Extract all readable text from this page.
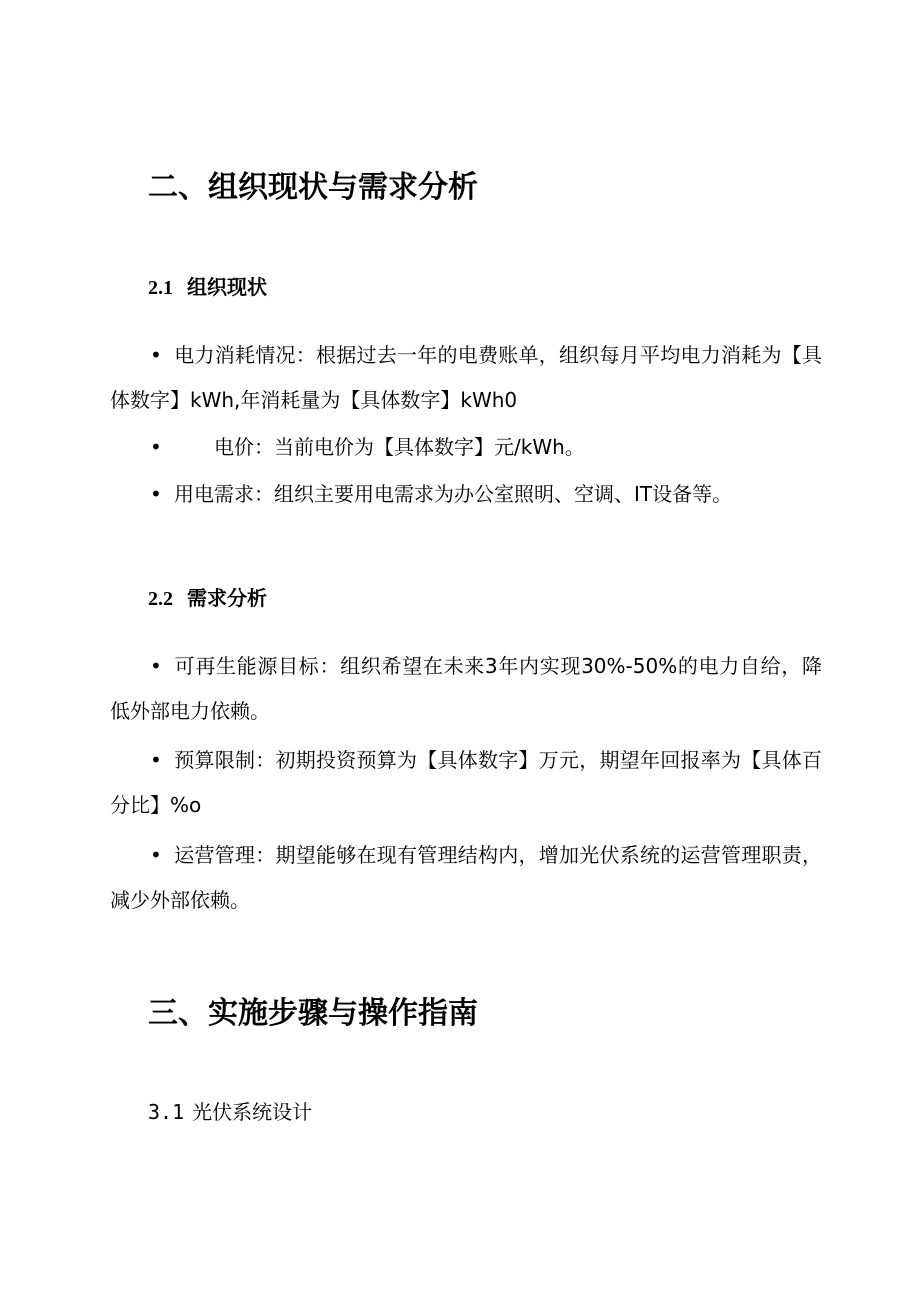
二、组织现状与需求分析
2.1 组织现状
• 电力消耗情况：根据过去一年的电费账单，组织每月平均电力消耗为【具体数字】kWh,年消耗量为【具体数字】kWh0
•	电价：当前电价为【具体数字】元/kWh。
• 用电需求：组织主要用电需求为办公室照明、空调、IT设备等。
2.2 需求分析
• 可再生能源目标：组织希望在未来3年内实现30%-50%的电力自给，降低外部电力依赖。
• 预算限制：初期投资预算为【具体数字】万元，期望年回报率为【具体百分比】%o
• 运营管理：期望能够在现有管理结构内，增加光伏系统的运营管理职责，减少外部依赖。
三、实施步骤与操作指南
3.1 光伏系统设计
